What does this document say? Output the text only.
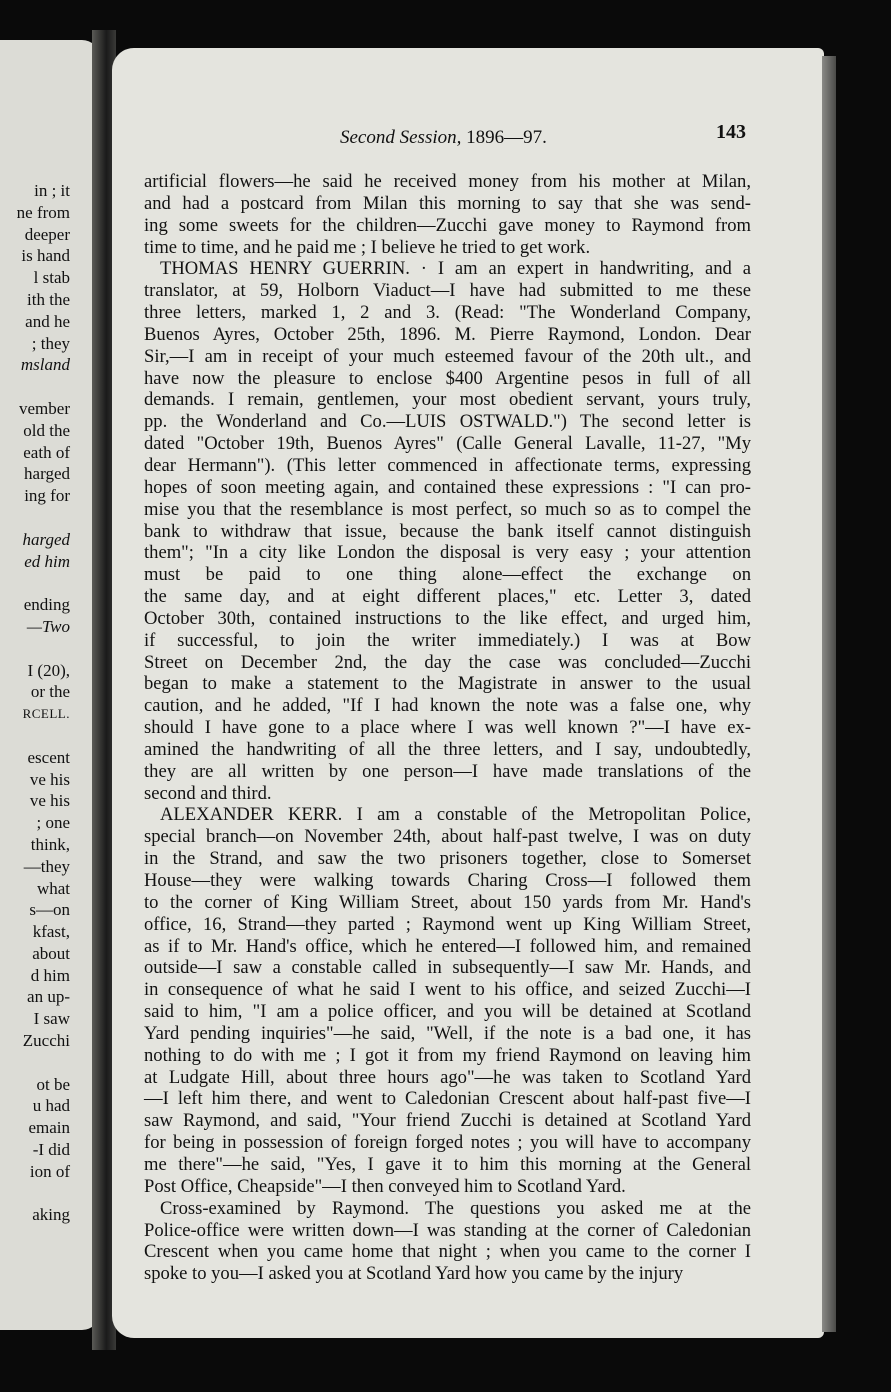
in ; it
ne from
deeper
is hand
l stab
ith the
and he
; they
msland
vember
old the
eath of
harged
ing for
harged
ed him
ending
—Two
I (20),
or the
RCELL.
escent
ve his
ve his
; one
think,
—they
what
s—on
kfast,
about
d him
an up-
I saw
Zucchi
ot be
u had
emain
-I did
ion of
aking
Second Session, 1896—97.	143
artificial flowers—he said he received money from his mother at Milan,
and had a postcard from Milan this morning to say that she was send-
ing some sweets for the children—Zucchi gave money to Raymond from
time to time, and he paid me ; I believe he tried to get work.
THOMAS HENRY GUERRIN. · I am an expert in handwriting, and a
translator, at 59, Holborn Viaduct—I have had submitted to me these
three letters, marked 1, 2 and 3. (Read: "The Wonderland Company,
Buenos Ayres, October 25th, 1896. M. Pierre Raymond, London. Dear
Sir,—I am in receipt of your much esteemed favour of the 20th ult., and
have now the pleasure to enclose $400 Argentine pesos in full of all
demands. I remain, gentlemen, your most obedient servant, yours truly,
pp. the Wonderland and Co.—LUIS OSTWALD.") The second letter is
dated "October 19th, Buenos Ayres" (Calle General Lavalle, 11-27, "My
dear Hermann"). (This letter commenced in affectionate terms, expressing
hopes of soon meeting again, and contained these expressions : "I can pro-
mise you that the resemblance is most perfect, so much so as to compel the
bank to withdraw that issue, because the bank itself cannot distinguish
them"; "In a city like London the disposal is very easy ; your attention
must be paid to one thing alone—effect the exchange on
the same day, and at eight different places," etc. Letter 3, dated
October 30th, contained instructions to the like effect, and urged him,
if successful, to join the writer immediately.) I was at Bow
Street on December 2nd, the day the case was concluded—Zucchi
began to make a statement to the Magistrate in answer to the usual
caution, and he added, "If I had known the note was a false one, why
should I have gone to a place where I was well known ?"—I have ex-
amined the handwriting of all the three letters, and I say, undoubtedly,
they are all written by one person—I have made translations of the
second and third.
ALEXANDER KERR. I am a constable of the Metropolitan Police,
special branch—on November 24th, about half-past twelve, I was on duty
in the Strand, and saw the two prisoners together, close to Somerset
House—they were walking towards Charing Cross—I followed them
to the corner of King William Street, about 150 yards from Mr. Hand's
office, 16, Strand—they parted ; Raymond went up King William Street,
as if to Mr. Hand's office, which he entered—I followed him, and remained
outside—I saw a constable called in subsequently—I saw Mr. Hands, and
in consequence of what he said I went to his office, and seized Zucchi—I
said to him, "I am a police officer, and you will be detained at Scotland
Yard pending inquiries"—he said, "Well, if the note is a bad one, it has
nothing to do with me ; I got it from my friend Raymond on leaving him
at Ludgate Hill, about three hours ago"—he was taken to Scotland Yard
—I left him there, and went to Caledonian Crescent about half-past five—I
saw Raymond, and said, "Your friend Zucchi is detained at Scotland Yard
for being in possession of foreign forged notes ; you will have to accompany
me there"—he said, "Yes, I gave it to him this morning at the General
Post Office, Cheapside"—I then conveyed him to Scotland Yard.
Cross-examined by Raymond. The questions you asked me at the
Police-office were written down—I was standing at the corner of Caledonian
Crescent when you came home that night ; when you came to the corner I
spoke to you—I asked you at Scotland Yard how you came by the injury
